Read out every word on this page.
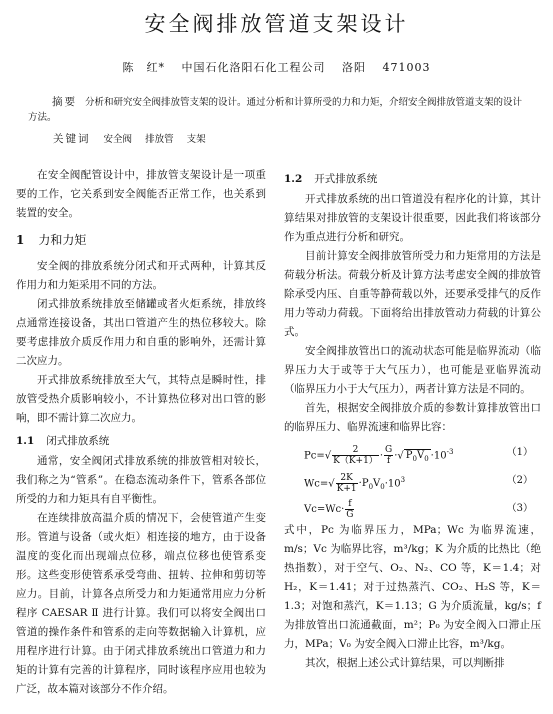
安全阀排放管道支架设计
陈　红* 中国石化洛阳石化工程公司 洛阳 471003
摘要 分析和研究安全阀排放管支架的设计。通过分析和计算所受的力和力矩，介绍安全阀排放管道支架的设计方法。
关键词 安全阀 排放管 支架

在安全阀配管设计中，排放管支架设计是一项重要的工作，它关系到安全阀能否正常工作，也关系到装置的安全。

1 力和力矩

安全阀的排放系统分闭式和开式两种，计算其反作用力和力矩采用不同的方法。

闭式排放系统排放至储罐或者火炬系统，排放终点通常连接设备，其出口管道产生的热位移较大。除要考虑排放介质反作用力和自重的影响外，还需计算二次应力。

开式排放系统排放至大气，其特点是瞬时性，排放管受热介质影响较小，不计算热位移对出口管的影响，即不需计算二次应力。

1.1 闭式排放系统

通常，安全阀闭式排放系统的排放管相对较长，我们称之为“管系”。在稳态流动条件下，管系各部位所受的力和力矩具有自平衡性。

在连续排放高温介质的情况下，会使管道产生变形。管道与设备（或火炬）相连接的地方，由于设备温度的变化而出现端点位移，端点位移也使管系变形。这些变形使管系承受弯曲、扭转、拉伸和剪切等应力。目前，计算各点所受力和力矩通常用应力分析程序 CAESAR Ⅱ 进行计算。我们可以将安全阀出口管道的操作条件和管系的走向等数据输入计算机，应用程序进行计算。由于闭式排放系统出口管道力和力矩的计算有完善的计算程序，同时该程序应用也较为广泛，故本篇对该部分不作介绍。

1.2 开式排放系统

开式排放系统的出口管道没有程序化的计算，其计算结果对排放管的支架设计很重要，因此我们将该部分作为重点进行分析和研究。

目前计算安全阀排放管所受力和力矩常用的方法是荷载分析法。荷载分析及计算方法考虑安全阀的排放管除承受内压、自重等静荷载以外，还要承受排气的反作用力等动力荷载。下面将给出排放管动力荷载的计算公式。

安全阀排放管出口的流动状态可能是临界流动（临界压力大于或等于大气压力），也可能是亚临界流动（临界压力小于大气压力），两者计算方法是不同的。

首先，根据安全阀排放介质的参数计算排放管出口的临界压力、临界流速和临界比容：

$Pc=√ \frac{2}{K(K+1)} \cdot \frac{G}{f}$ ·√ $P_0V_0 \cdot 10^{-3}$	（1）
$Wc=√ \frac{2K}{K+1} \cdot P_0V_0\cdot 10^3$	（2）
$Vc=Wc\cdot \frac{f}{G}$	（3）

式中，Pc 为临界压力，MPa；Wc 为临界流速，m/s；Vc 为临界比容，m³/kg；K 为介质的比热比（绝热指数），对于空气、O₂、N₂、CO 等，K＝1.4；对 H₂，K＝1.41；对于过热蒸汽、CO₂、H₂S 等，K＝1.3；对饱和蒸汽，K＝1.13；G 为介质流量，kg/s；f 为排放管出口流通截面，m²；P₀ 为安全阀入口滞止压力，MPa；V₀ 为安全阀入口滞止比容，m³/kg。

其次，根据上述公式计算结果，可以判断排
